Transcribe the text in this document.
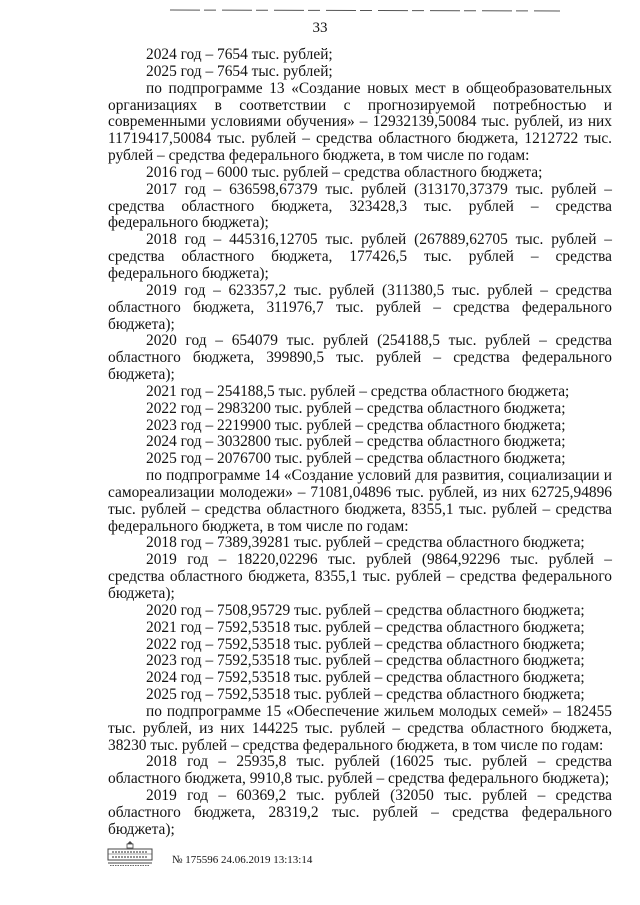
33

2024 год – 7654 тыс. рублей;

2025 год – 7654 тыс. рублей;

по подпрограмме 13 «Создание новых мест в общеобразовательных организациях в соответствии с прогнозируемой потребностью и современными условиями обучения» – 12932139,50084 тыс. рублей, из них 11719417,50084 тыс. рублей – средства областного бюджета, 1212722 тыс. рублей – средства федерального бюджета, в том числе по годам:

2016 год – 6000 тыс. рублей – средства областного бюджета;

2017 год – 636598,67379 тыс. рублей (313170,37379 тыс. рублей – средства областного бюджета, 323428,3 тыс. рублей – средства федерального бюджета);

2018 год – 445316,12705 тыс. рублей (267889,62705 тыс. рублей – средства областного бюджета, 177426,5 тыс. рублей – средства федерального бюджета);

2019 год – 623357,2 тыс. рублей (311380,5 тыс. рублей – средства областного бюджета, 311976,7 тыс. рублей – средства федерального бюджета);

2020 год – 654079 тыс. рублей (254188,5 тыс. рублей – средства областного бюджета, 399890,5 тыс. рублей – средства федерального бюджета);

2021 год – 254188,5 тыс. рублей – средства областного бюджета;

2022 год – 2983200 тыс. рублей – средства областного бюджета;

2023 год – 2219900 тыс. рублей – средства областного бюджета;

2024 год – 3032800 тыс. рублей – средства областного бюджета;

2025 год – 2076700 тыс. рублей – средства областного бюджета;

по подпрограмме 14 «Создание условий для развития, социализации и самореализации молодежи» – 71081,04896 тыс. рублей, из них 62725,94896 тыс. рублей – средства областного бюджета, 8355,1 тыс. рублей – средства федерального бюджета, в том числе по годам:

2018 год – 7389,39281 тыс. рублей – средства областного бюджета;

2019 год – 18220,02296 тыс. рублей (9864,92296 тыс. рублей – средства областного бюджета, 8355,1 тыс. рублей – средства федерального бюджета);

2020 год – 7508,95729 тыс. рублей – средства областного бюджета;

2021 год – 7592,53518 тыс. рублей – средства областного бюджета;

2022 год – 7592,53518 тыс. рублей – средства областного бюджета;

2023 год – 7592,53518 тыс. рублей – средства областного бюджета;

2024 год – 7592,53518 тыс. рублей – средства областного бюджета;

2025 год – 7592,53518 тыс. рублей – средства областного бюджета;

по подпрограмме 15 «Обеспечение жильем молодых семей» – 182455 тыс. рублей, из них 144225 тыс. рублей – средства областного бюджета, 38230 тыс. рублей – средства федерального бюджета, в том числе по годам:

2018 год – 25935,8 тыс. рублей (16025 тыс. рублей – средства областного бюджета, 9910,8 тыс. рублей – средства федерального бюджета);

2019 год – 60369,2 тыс. рублей (32050 тыс. рублей – средства областного бюджета, 28319,2 тыс. рублей – средства федерального бюджета);

№ 175596 24.06.2019 13:13:14
